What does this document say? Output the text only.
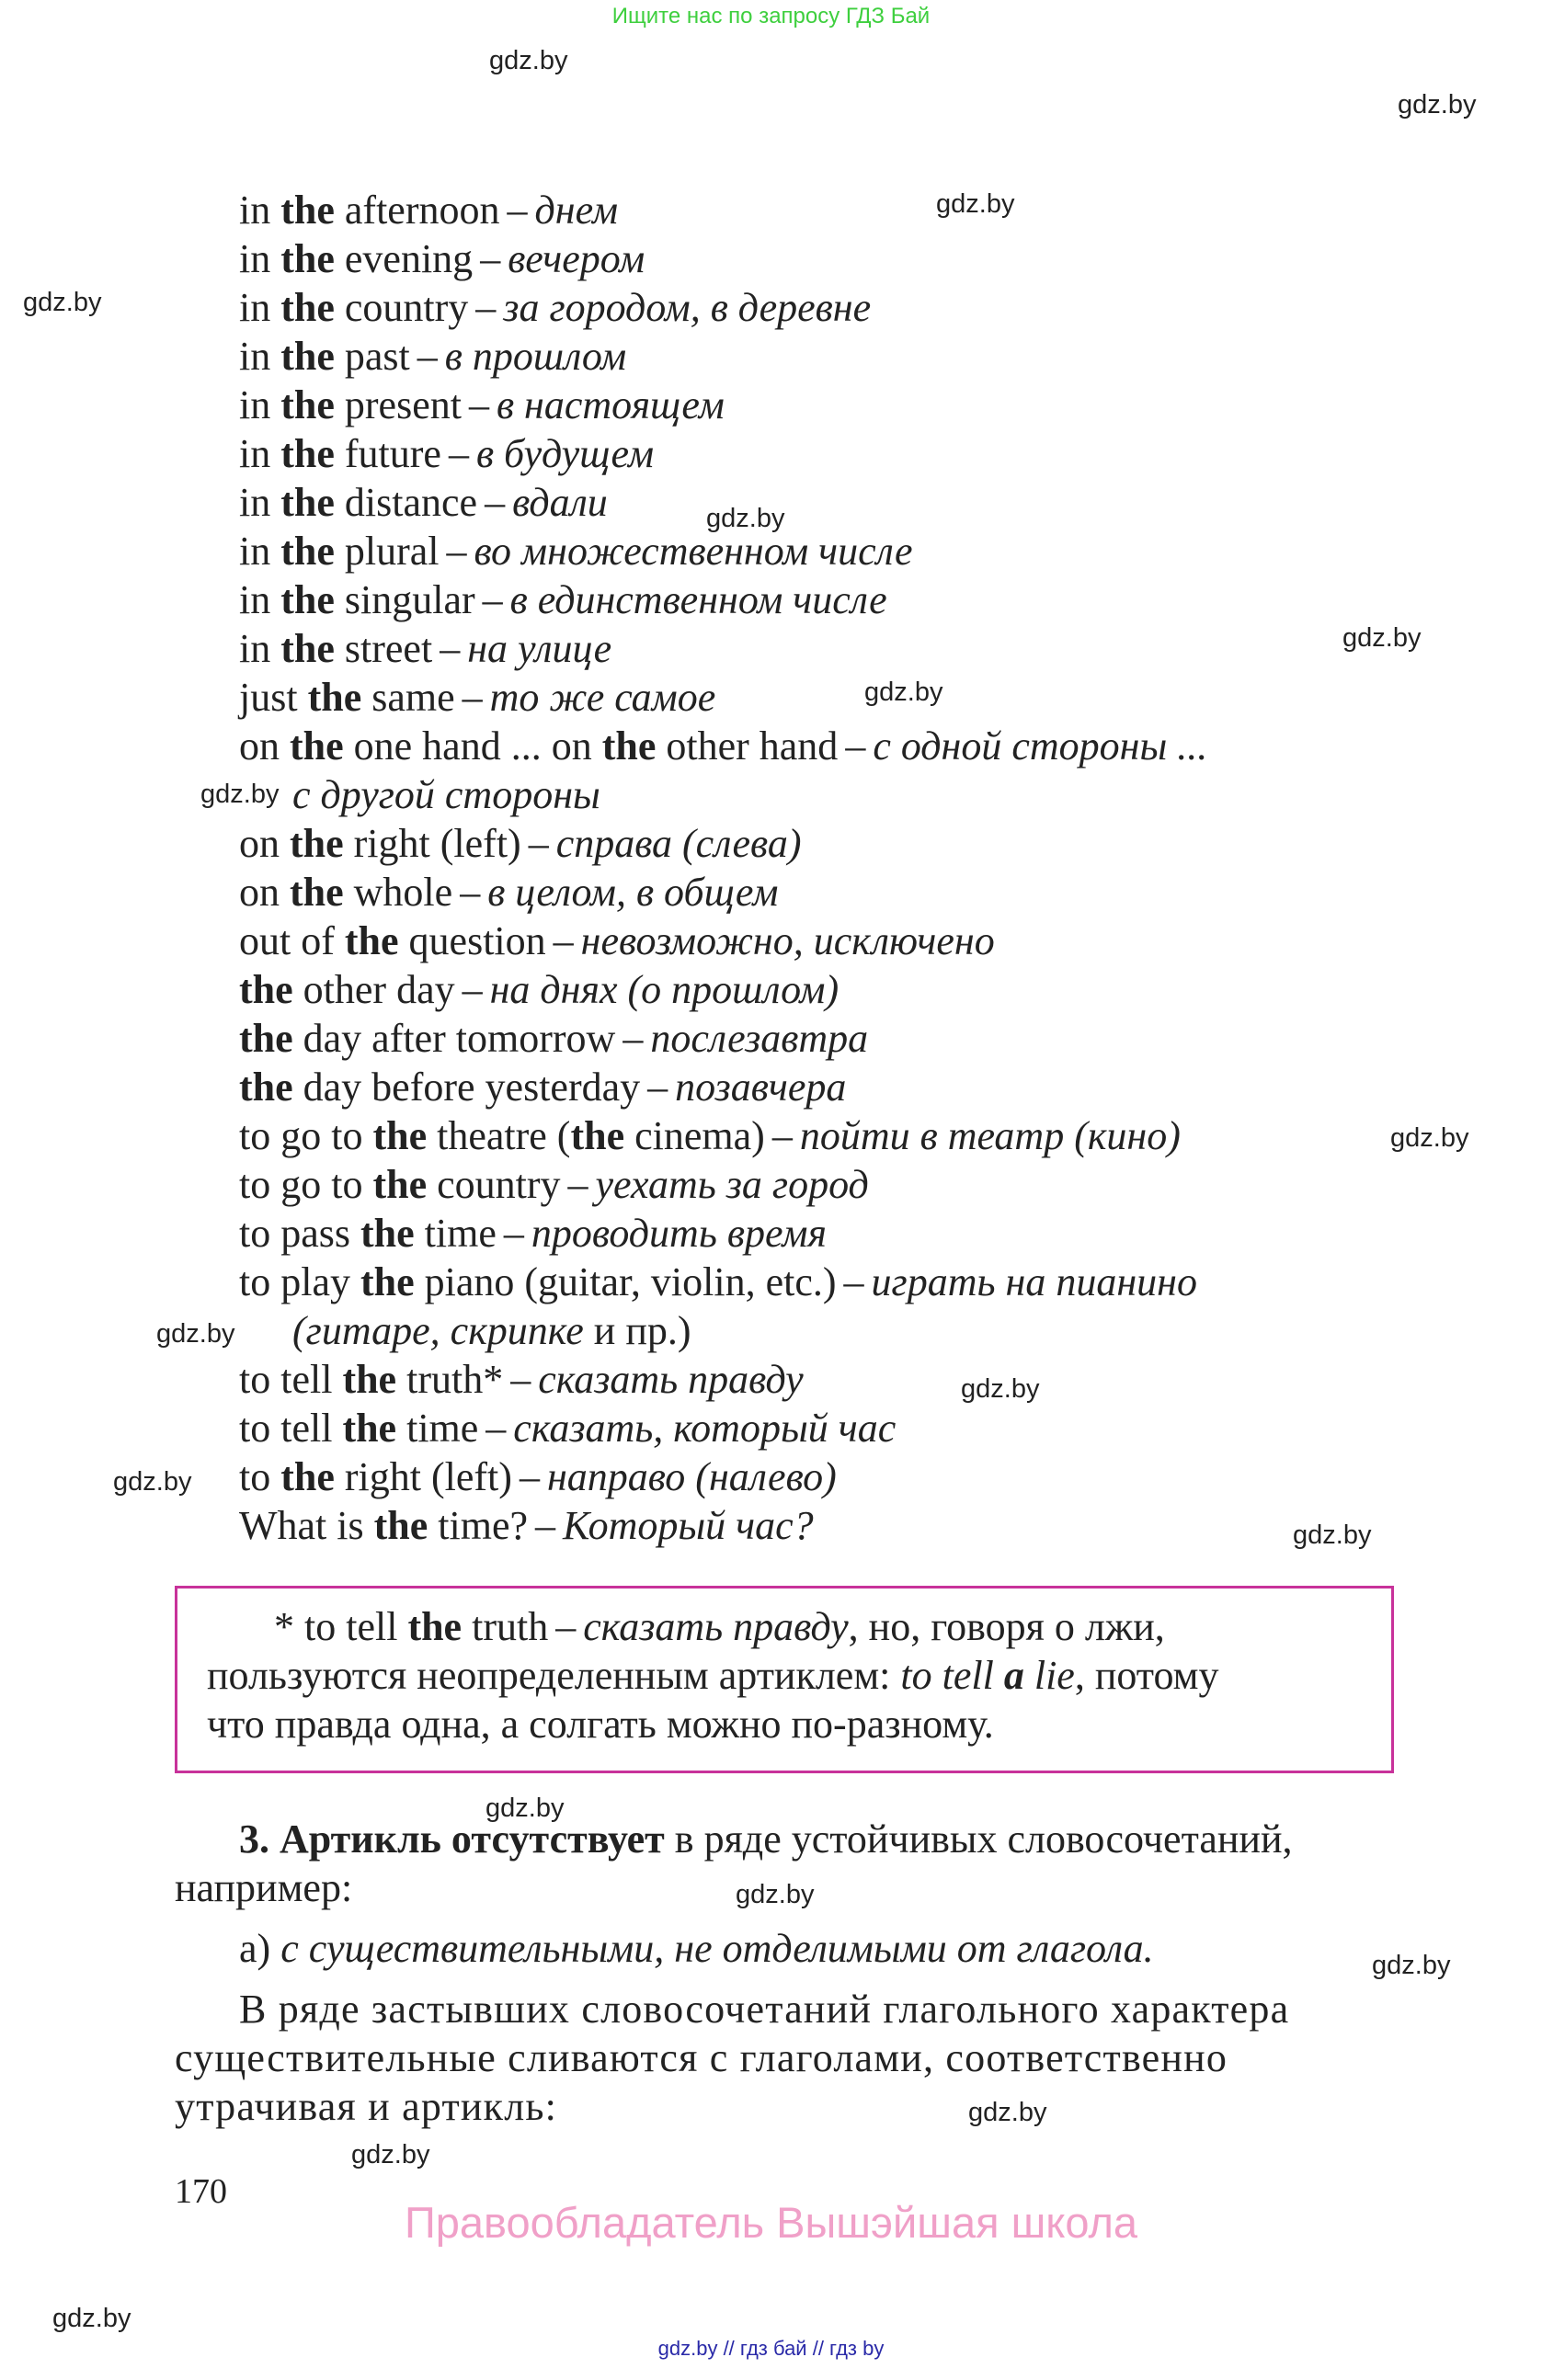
Ищите нас по запросу ГДЗ Бай
gdz.by
gdz.by
gdz.by
gdz.by
gdz.by
gdz.by
gdz.by
gdz.by
gdz.by
gdz.by
gdz.by
gdz.by
gdz.by
gdz.by
gdz.by
gdz.by
gdz.by
gdz.by
gdz.by
in the afternoon – днем
in the evening – вечером
in the country – за городом, в деревне
in the past – в прошлом
in the present – в настоящем
in the future – в будущем
in the distance – вдали
in the plural – во множественном числе
in the singular – в единственном числе
in the street – на улице
just the same – то же самое
on the one hand ... on the other hand – с одной стороны ...
с другой стороны
on the right (left) – справа (слева)
on the whole – в целом, в общем
out of the question – невозможно, исключено
the other day – на днях (о прошлом)
the day after tomorrow – послезавтра
the day before yesterday – позавчера
to go to the theatre (the cinema) – пойти в театр (кино)
to go to the country – уехать за город
to pass the time – проводить время
to play the piano (guitar, violin, etc.) – играть на пианино
(гитаре, скрипке и пр.)
to tell the truth* – сказать правду
to tell the time – сказать, который час
to the right (left) – направо (налево)
What is the time? – Который час?
* to tell the truth – сказать правду, но, говоря о лжи,
пользуются неопределенным артиклем: to tell a lie, потому
что правда одна, а солгать можно по-разному.
3. Артикль отсутствует в ряде устойчивых словосочетаний,
например:
а) с существительными, не отделимыми от глагола.
В ряде застывших словосочетаний глагольного характера
существительные сливаются с глаголами, соответственно
утрачивая и артикль:
170
Правообладатель Вышэйшая школа
gdz.by // гдз бай // гдз by
